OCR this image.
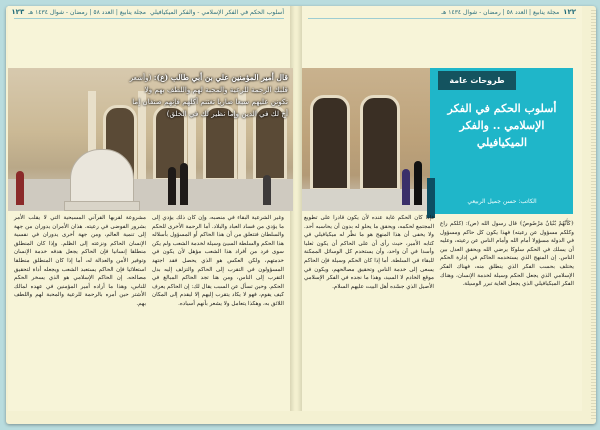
أسلوب الحكم في الفكر الإسلامي - والفكر الميكيافيلي
مجلة ينابيع | العدد ٥٨ | رمضان - شوال ١٤٣٤ هـ
١٢٣	١٢٢
مجلة ينابيع | العدد ٥٨ | رمضان - شوال ١٤٣٤ هـ
قال أمير المؤمنين علي بن أبي طالب (ع): (وأشعر قلبك الرحمة للرعية والمحبة لهم واللطف بهم ولا تكونن عليهم سبعا ضاريا تغتنم أكلهم فإنهم صنفان إما أخ لك في الدين وإما نظير لك في الخلق)
طروحات عامة
أسلوب الحكم في الفكر الإسلامي .. والفكر الميكيافيلي
الكاتب: حسن جميل الربيعي

وغير الشرعية البقاء في منصبه، وإن كان ذلك يؤدي إلى ما يؤدي من فساد العباد والبلاد. أما الرحمة الأخرى للحكم والسلطان فتتعلق من أن هذا الحاكم أو المسؤول بأسلاله هذا الحكم والسلطة السيئ وسيلة لخدمة الشعب ولم يكن سوى فرد من أفراد هذا الشعب مؤهل لأن يكون في خدمتهم، ولكن العكس هو الذي يحصل فقد اجتهد المسؤولون في التقرب إلى الحاكم والتزلف إليه بدل التقرب إلى الناس، ومن هنا تجد الحاكم المبالغ في الحكم. وحين تسأل عن السبب يقال لك: إن الحاكم يعرف كيف يقوم، فهو لا يكاد يتقرب إليهم إلا ليقدم إلى المكان اللائق به، وهكذا يتعامل ولا يشعر بأنهم أسياده.

مشروعة لقربها القرآني المسيحية التي لا يقلب الأمر بشرور الفوضى في رعيته. هذان الأمران يدوران من جهة إلى تنمية العالم، ومن جهة أخرى يدوران في نفسية الإنسان الحاكم ونزعته إلى الظلم. وإذا كان المنطلق منطلقا إنسانيا فإن الحاكم يجعل هدفه خدمة الإنسان وتوفير الأمن والعدالة له، أما إذا كان المنطلق منطلقا استعلائيا فإن الحاكم يستعبد الشعب ويجعله أداة لتحقيق مصالحه. إن الحاكم الإسلامي هو الذي يسخر الحكم للناس، وهذا ما أراده أمير المؤمنين في عهده لمالك الأشتر حين أمره بالرحمة للرعية والمحبة لهم واللطف بهم.

﴿كَأَنَّهُمْ بُنْيَانٌ مَرْصُوصٌ﴾ قال رسول الله (ص): (كلكم راع وكلكم مسؤول عن رعيته) فهذا يكون كل حاكم ومسؤول في الدولة مسؤولا أمام الله وأمام الناس عن رعيته، وعليه أن يسلك في الحكم سلوكا يرضي الله ويحقق العدل بين الناس. إن المنهج الذي يستخدمه الحاكم في إدارة الحكم يختلف بحسب الفكر الذي ينطلق منه، فهناك الفكر الإسلامي الذي يجعل الحكم وسيلة لخدمة الإنسان، وهناك الفكر الميكيافيلي الذي يجعل الغاية تبرر الوسيلة.

فإذا كان الحكم غاية عنده لأن يكون قادرا على تطويع المجتمع لحكمه، ويحقق ما يحلو له بدون أن يحاسبه أحد. ولا يخفى أن هذا المنهج هو ما نظّر له ميكيافيلي في كتابه الأمير، حيث رأى أن على الحاكم أن يكون ثعلبا وأسدا في آن واحد، وأن يستخدم كل الوسائل الممكنة للبقاء في السلطة. أما إذا كان الحكم وسيلة فإن الحاكم يسعى إلى خدمة الناس وتحقيق مصالحهم، ويكون في موقع الخادم لا السيد، وهذا ما نجده في الفكر الإسلامي الأصيل الذي جسّده أهل البيت عليهم السلام.
